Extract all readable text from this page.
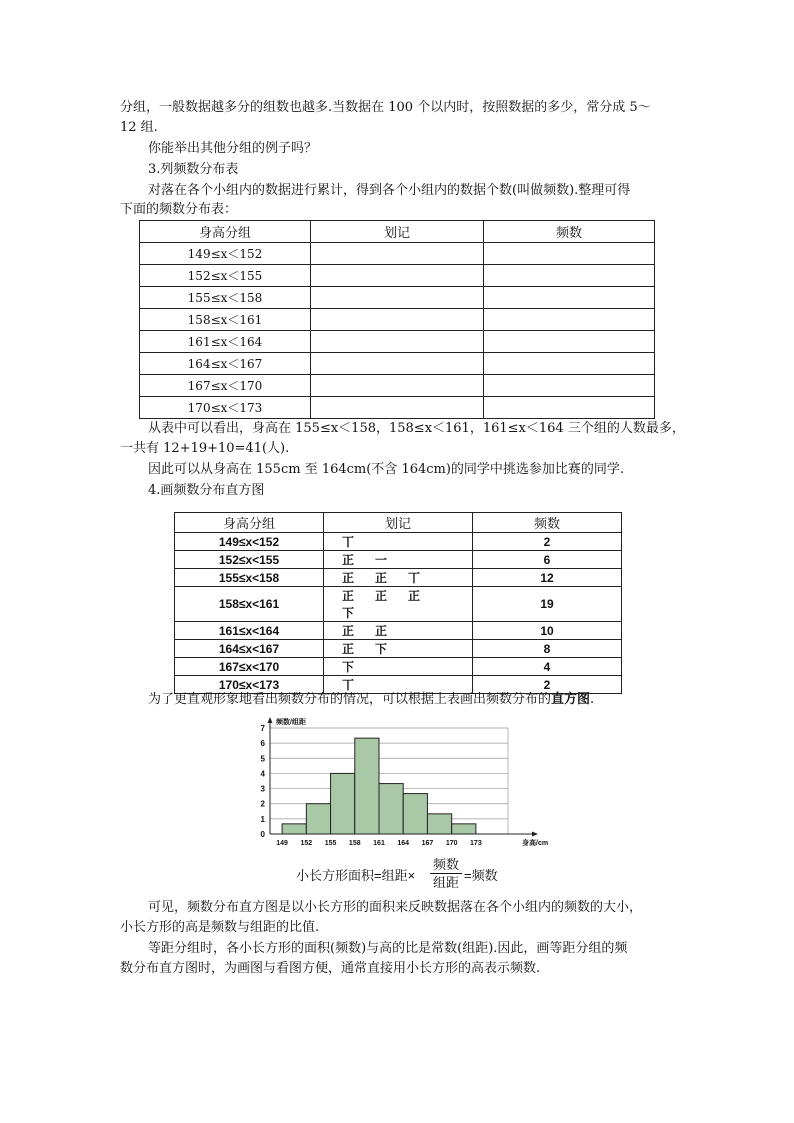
分组，一般数据越多分的组数也越多.当数据在 100 个以内时，按照数据的多少，常分成 5～
12 组.
你能举出其他分组的例子吗？
3.列频数分布表
对落在各个小组内的数据进行累计，得到各个小组内的数据个数(叫做频数).整理可得
下面的频数分布表：
身高分组	划记	频数
149≤x＜152		
152≤x＜155		
155≤x＜158		
158≤x＜161		
161≤x＜164		
164≤x＜167		
167≤x＜170		
170≤x＜173		
从表中可以看出，身高在 155≤x＜158，158≤x＜161，161≤x＜164 三个组的人数最多，
一共有 12+19+10=41(人).
因此可以从身高在 155cm 至 164cm(不含 164cm)的同学中挑选参加比赛的同学.
4.画频数分布直方图
身高分组	划记	频数
149≤x<152	丅	2
152≤x<155	正 一	6
155≤x<158	正 正 丅	12
158≤x<161	正 正 正下	19
161≤x<164	正 正	10
164≤x<167	正 下	8
167≤x<170	下	4
170≤x<173	丅	2
为了更直观形象地看出频数分布的情况，可以根据上表画出频数分布的直方图.
0
1
2
3
4
5
6
7
149 152 155 158 161 164 167 170 173
频数/组距
身高/cm
小长方形面积=组距×
频数
组距 =频数
可见，频数分布直方图是以小长方形的面积来反映数据落在各个小组内的频数的大小，
小长方形的高是频数与组距的比值.
等距分组时，各小长方形的面积(频数)与高的比是常数(组距).因此，画等距分组的频
数分布直方图时，为画图与看图方便，通常直接用小长方形的高表示频数.
